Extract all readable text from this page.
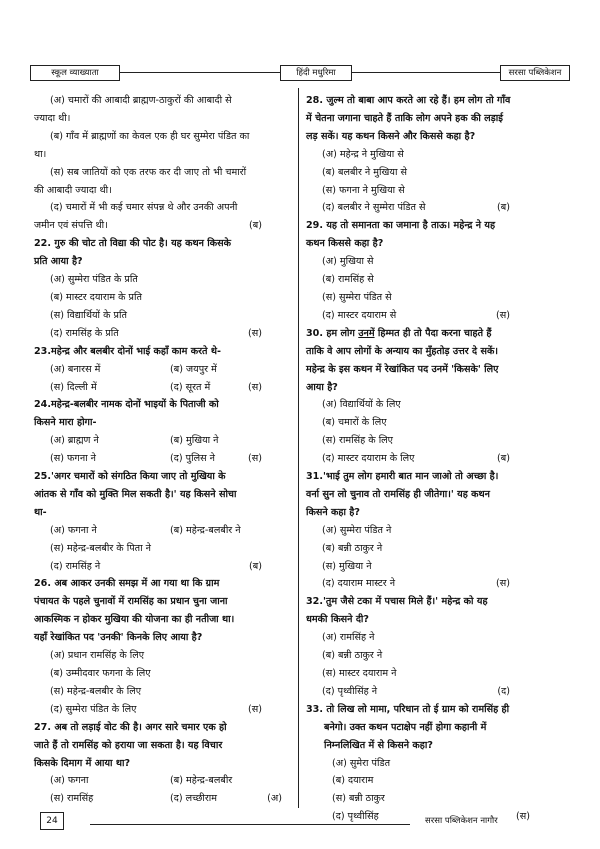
स्कूल व्याख्याता	हिंदी मधुरिमा	सरसा पब्लिकेशन

(अ) चमारों की आबादी ब्राह्मण-ठाकुरों की आबादी से

ज्यादा थी।

(ब) गाँव में ब्राह्मणों का केवल एक ही घर सुम्मेरा पंडित का

था।

(स) सब जातियों को एक तरफ कर दी जाए तो भी चमारों

की आबादी ज्यादा थी।

(द) चमारों में भी कई चमार संपन्न थे और उनकी अपनी

जमीन एवं संपत्ति थी।	(ब)

22. गुरु की चोट तो विद्या की पोट है। यह कथन किसके

प्रति आया है?

(अ) सुम्मेरा पंडित के प्रति

(ब) मास्टर दयाराम के प्रति

(स) विद्यार्थियों के प्रति

(द) रामसिंह के प्रति	(स)

23.महेन्द्र और बलबीर दोनों भाई कहाँ काम करते थे-

(अ) बनारस में	(ब) जयपुर में
(स) दिल्ली में	(द) सूरत में	(स)

24.महेन्द्र-बलबीर नामक दोनों भाइयों के पिताजी को

किसने मारा होगा-

(अ) ब्राह्मण ने	(ब) मुखिया ने
(स) फगना ने	(द) पुलिस ने	(स)

25.'अगर चमारों को संगठित किया जाए तो मुखिया के

आंतक से गाँव को मुक्ति मिल सकती है।' यह किसने सोचा

था-

(अ) फगना ने	(ब) महेन्द्र-बलबीर ने

(स) महेन्द्र-बलबीर के पिता ने

(द) रामसिंह ने	(ब)

26. अब आकर उनकी समझ में आ गया था कि ग्राम

पंचायत के पहले चुनावों में रामसिंह का प्रधान चुना जाना

आकस्मिक न होकर मुखिया की योजना का ही नतीजा था।

यहाँ रेखांकित पद 'उनकी' किनके लिए आया है?

(अ) प्रधान रामसिंह के लिए

(ब) उम्मीदवार फगना के लिए

(स) महेन्द्र-बलबीर के लिए

(द) सुम्मेरा पंडित के लिए	(स)

27. अब तो लड़ाई वोट की है। अगर सारे चमार एक हो

जाते हैं तो रामसिंह को हराया जा सकता है। यह विचार

किसके दिमाग में आया था?

(अ) फगना	(ब) महेन्द्र-बलबीर
(स) रामसिंह	(द) लच्छीराम	(अ)

28. जुल्म तो बाबा आप करते आ रहे हैं। हम लोग तो गाँव

में चेतना जगाना चाहते हैं ताकि लोग अपने हक की लड़ाई

लड़ सकें। यह कथन किसने और किससे कहा है?

(अ) महेन्द्र ने मुखिया से

(ब) बलबीर ने मुखिया से

(स) फगना ने मुखिया से

(द) बलबीर ने सुम्मेरा पंडित से	(ब)

29. यह तो समानता का जमाना है ताऊ। महेन्द्र ने यह

कथन किससे कहा है?

(अ) मुखिया से

(ब) रामसिंह से

(स) सुम्मेरा पंडित से

(द) मास्टर दयाराम से	(स)

30. हम लोग उनमें हिम्मत ही तो पैदा करना चाहते हैं

ताकि वे आप लोगों के अन्याय का मुँहतोड़ उत्तर दे सकें।

महेन्द्र के इस कथन में रेखांकित पद उनमें 'किसके' लिए

आया है?

(अ) विद्यार्थियों के लिए

(ब) चमारों के लिए

(स) रामसिंह के लिए

(द) मास्टर दयाराम के लिए	(ब)

31.'भाई तुम लोग हमारी बात मान जाओ तो अच्छा है।

वर्ना सुन लो चुनाव तो रामसिंह ही जीतेगा।' यह कथन

किसने कहा है?

(अ) सुम्मेरा पंडित ने

(ब) बन्नी ठाकुर ने

(स) मुखिया ने

(द) दयाराम मास्टर ने	(स)

32.'तुम जैसे टका में पचास मिले हैं।' महेन्द्र को यह

धमकी किसने दी?

(अ) रामसिंह ने

(ब) बन्नी ठाकुर ने

(स) मास्टर दयाराम ने

(द) पृथ्वीसिंह ने	(द)

33. तो लिख लो मामा, परिधान तो ई ग्राम को रामसिंह ही

बनेगो। उक्त कथन पटाक्षेप नहीं होगा कहानी में

निम्नलिखित में से किसने कहा?

(अ) सुमेरा पंडित

(ब) दयाराम

(स) बन्नी ठाकुर

(द) पृथ्वीसिंह	(स)

24	सरसा पब्लिकेशन नागौर
